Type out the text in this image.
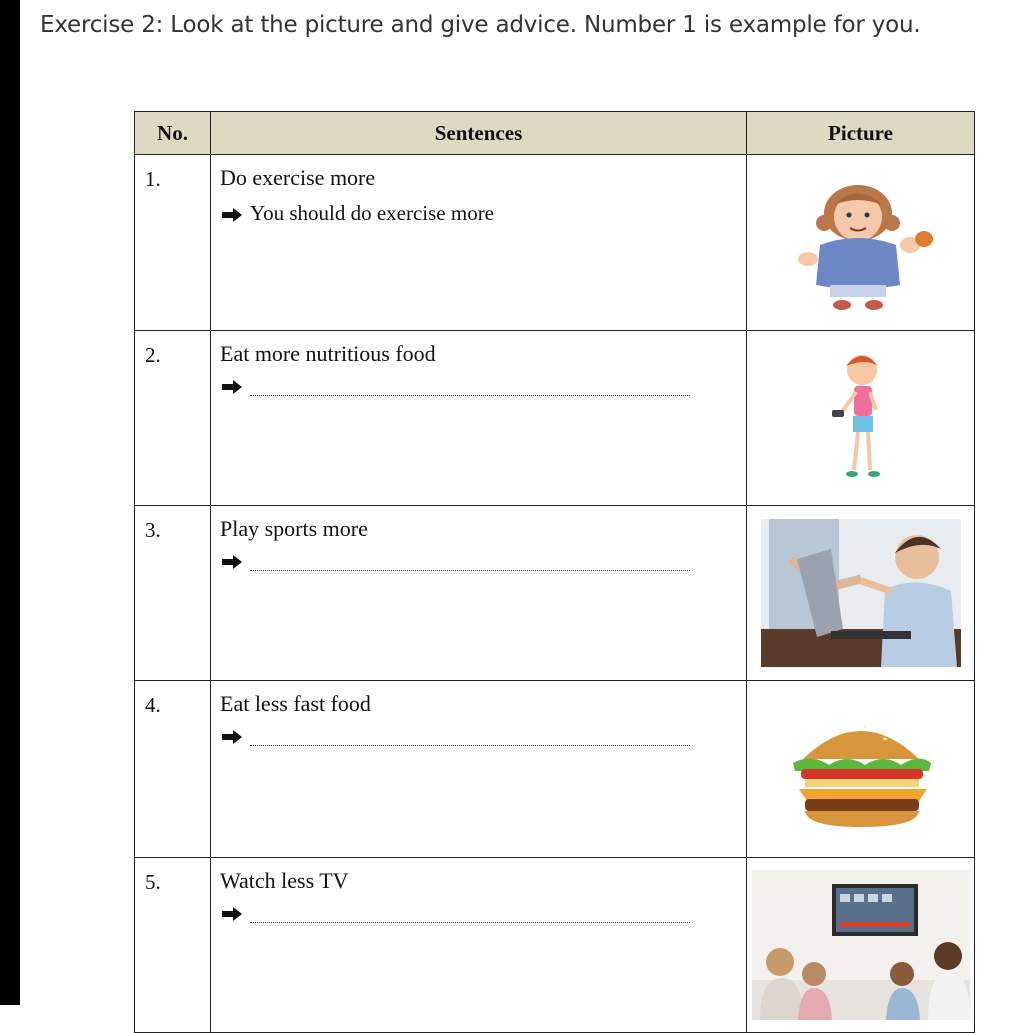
Exercise 2: Look at the picture and give advice. Number 1 is example for you.
No.	Sentences	Picture
1.	Do exercise more
You should do exercise more

2.	Eat more nutritious food

3.	Play sports more

4.	Eat less fast food

5.	Watch less TV
